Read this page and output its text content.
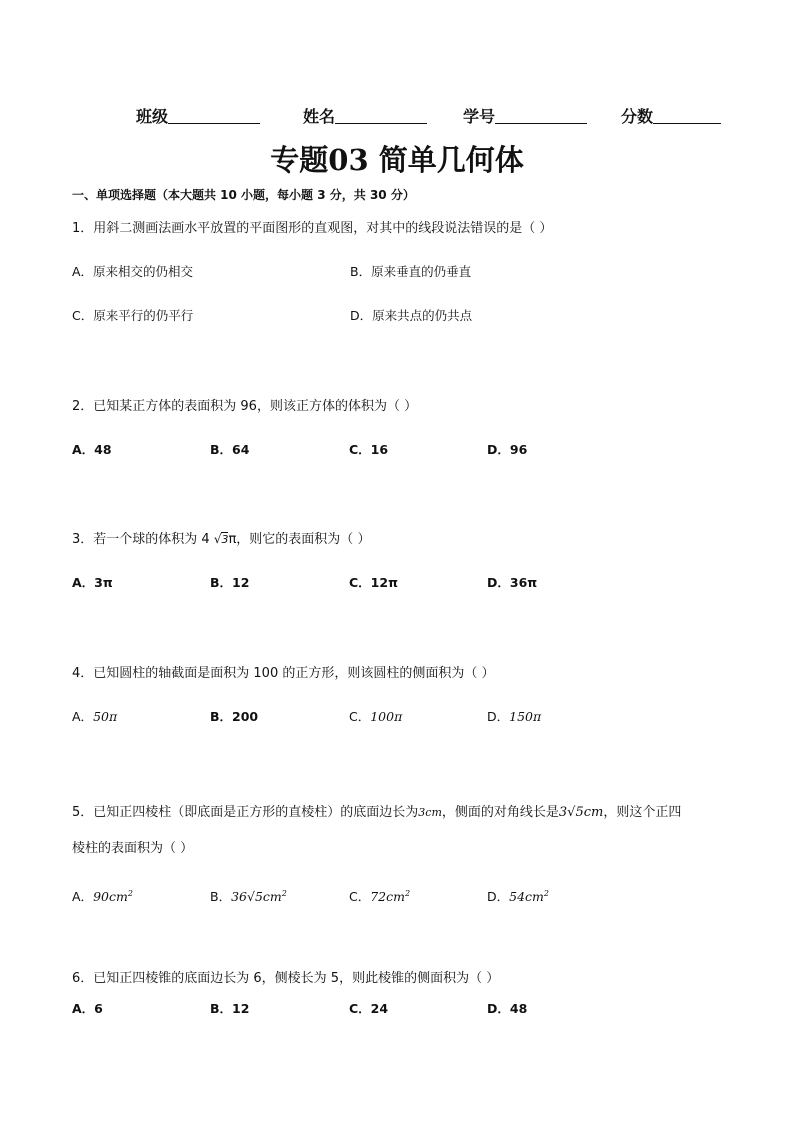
班级	姓名	学号	分数
专题03 简单几何体
一、单项选择题（本大题共 10 小题，每小题 3 分，共 30 分）
1．用斜二测画法画水平放置的平面图形的直观图，对其中的线段说法错误的是（ ）
A．原来相交的仍相交	B．原来垂直的仍垂直
C．原来平行的仍平行	D．原来共点的仍共点
2．已知某正方体的表面积为 96，则该正方体的体积为（ ）
A．48	B．64	C．16	D．96
3．若一个球的体积为 4 √3π，则它的表面积为（ ）
A．3π	B．12	C．12π	D．36π
4．已知圆柱的轴截面是面积为 100 的正方形，则该圆柱的侧面积为（ ）
A．50π	B．200	C．100π	D．150π
5．已知正四棱柱（即底面是正方形的直棱柱）的底面边长为3cm，侧面的对角线长是3√5cm，则这个正四
棱柱的表面积为（ ）
A．$90cm^2$	B．$36√5cm^2$	C．$72cm^2$	D．$54cm^2$
6．已知正四棱锥的底面边长为 6，侧棱长为 5，则此棱锥的侧面积为（ ）
A．6	B．12	C．24	D．48
